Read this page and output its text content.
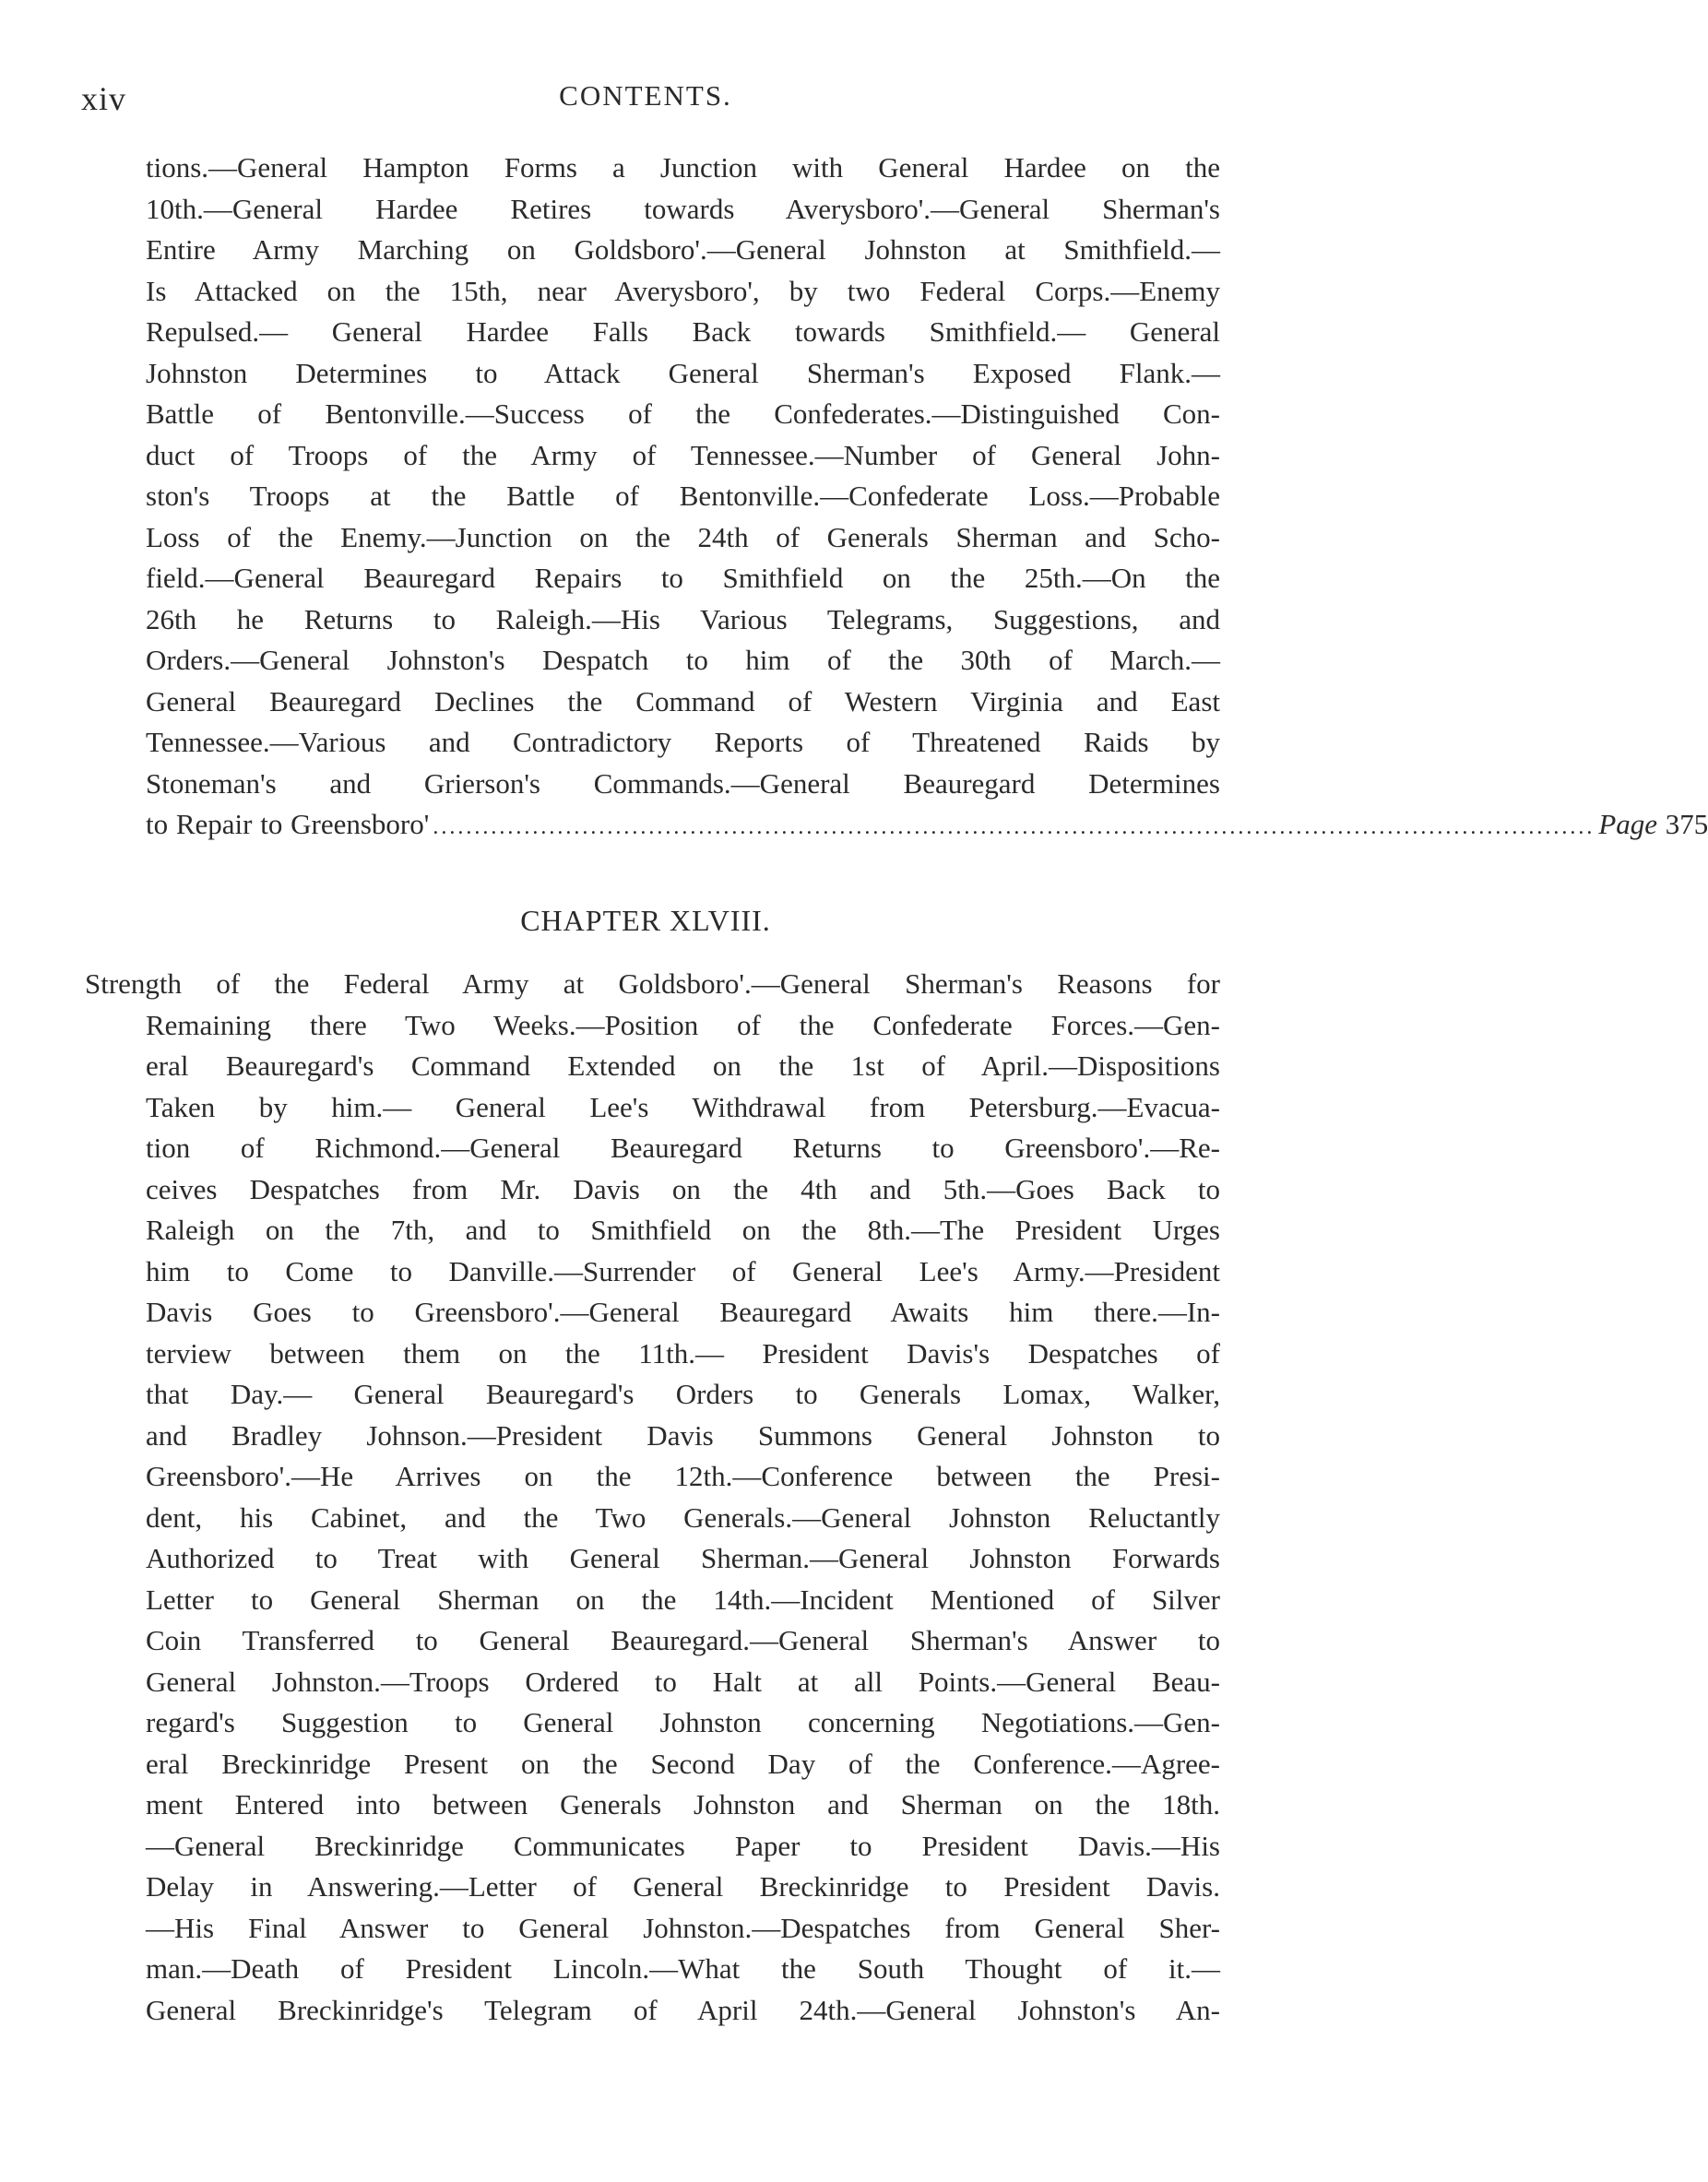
xiv	CONTENTS.
tions.—General Hampton Forms a Junction with General Hardee on the
10th.—General Hardee Retires towards Averysboro'.—General Sherman's
Entire Army Marching on Goldsboro'.—General Johnston at Smithfield.—
Is Attacked on the 15th, near Averysboro', by two Federal Corps.—Enemy
Repulsed.— General Hardee Falls Back towards Smithfield.— General
Johnston Determines to Attack General Sherman's Exposed Flank.—
Battle of Bentonville.—Success of the Confederates.—Distinguished Con-
duct of Troops of the Army of Tennessee.—Number of General John-
ston's Troops at the Battle of Bentonville.—Confederate Loss.—Probable
Loss of the Enemy.—Junction on the 24th of Generals Sherman and Scho-
field.—General Beauregard Repairs to Smithfield on the 25th.—On the
26th he Returns to Raleigh.—His Various Telegrams, Suggestions, and
Orders.—General Johnston's Despatch to him of the 30th of March.—
General Beauregard Declines the Command of Western Virginia and East
Tennessee.—Various and Contradictory Reports of Threatened Raids by
Stoneman's and Grierson's Commands.—General Beauregard Determines
to Repair to Greensboro' ............................................................................................................................................ Page 375
CHAPTER XLVIII.
Strength of the Federal Army at Goldsboro'.—General Sherman's Reasons for
Remaining there Two Weeks.—Position of the Confederate Forces.—Gen-
eral Beauregard's Command Extended on the 1st of April.—Dispositions
Taken by him.— General Lee's Withdrawal from Petersburg.—Evacua-
tion of Richmond.—General Beauregard Returns to Greensboro'.—Re-
ceives Despatches from Mr. Davis on the 4th and 5th.—Goes Back to
Raleigh on the 7th, and to Smithfield on the 8th.—The President Urges
him to Come to Danville.—Surrender of General Lee's Army.—President
Davis Goes to Greensboro'.—General Beauregard Awaits him there.—In-
terview between them on the 11th.— President Davis's Despatches of
that Day.— General Beauregard's Orders to Generals Lomax, Walker,
and Bradley Johnson.—President Davis Summons General Johnston to
Greensboro'.—He Arrives on the 12th.—Conference between the Presi-
dent, his Cabinet, and the Two Generals.—General Johnston Reluctantly
Authorized to Treat with General Sherman.—General Johnston Forwards
Letter to General Sherman on the 14th.—Incident Mentioned of Silver
Coin Transferred to General Beauregard.—General Sherman's Answer to
General Johnston.—Troops Ordered to Halt at all Points.—General Beau-
regard's Suggestion to General Johnston concerning Negotiations.—Gen-
eral Breckinridge Present on the Second Day of the Conference.—Agree-
ment Entered into between Generals Johnston and Sherman on the 18th.
—General Breckinridge Communicates Paper to President Davis.—His
Delay in Answering.—Letter of General Breckinridge to President Davis.
—His Final Answer to General Johnston.—Despatches from General Sher-
man.—Death of President Lincoln.—What the South Thought of it.—
General Breckinridge's Telegram of April 24th.—General Johnston's An-
